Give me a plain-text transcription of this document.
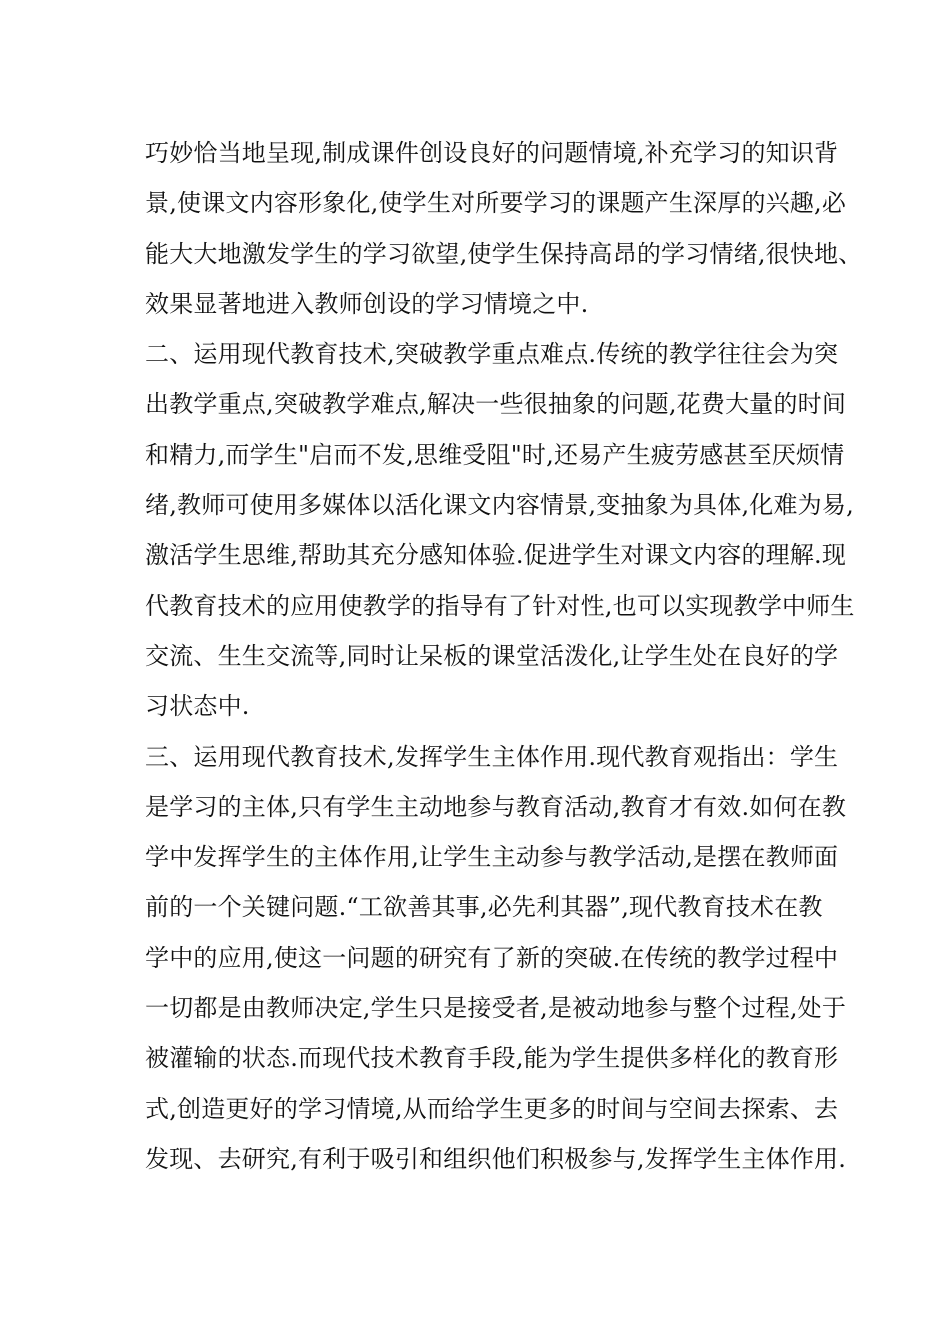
巧妙恰当地呈现,制成课件创设良好的问题情境,补充学习的知识背
景,使课文内容形象化,使学生对所要学习的课题产生深厚的兴趣,必
能大大地激发学生的学习欲望,使学生保持高昂的学习情绪,很快地、
效果显著地进入教师创设的学习情境之中.
二、运用现代教育技术,突破教学重点难点.传统的教学往往会为突
出教学重点,突破教学难点,解决一些很抽象的问题,花费大量的时间
和精力,而学生"启而不发,思维受阻"时,还易产生疲劳感甚至厌烦情
绪,教师可使用多媒体以活化课文内容情景,变抽象为具体,化难为易,
激活学生思维,帮助其充分感知体验.促进学生对课文内容的理解.现
代教育技术的应用使教学的指导有了针对性,也可以实现教学中师生
交流、生生交流等,同时让呆板的课堂活泼化,让学生处在良好的学
习状态中.
三、运用现代教育技术,发挥学生主体作用.现代教育观指出：学生
是学习的主体,只有学生主动地参与教育活动,教育才有效.如何在教
学中发挥学生的主体作用,让学生主动参与教学活动,是摆在教师面
前的一个关键问题.“工欲善其事,必先利其器”,现代教育技术在教
学中的应用,使这一问题的研究有了新的突破.在传统的教学过程中
一切都是由教师决定,学生只是接受者,是被动地参与整个过程,处于
被灌输的状态.而现代技术教育手段,能为学生提供多样化的教育形
式,创造更好的学习情境,从而给学生更多的时间与空间去探索、去
发现、去研究,有利于吸引和组织他们积极参与,发挥学生主体作用.
